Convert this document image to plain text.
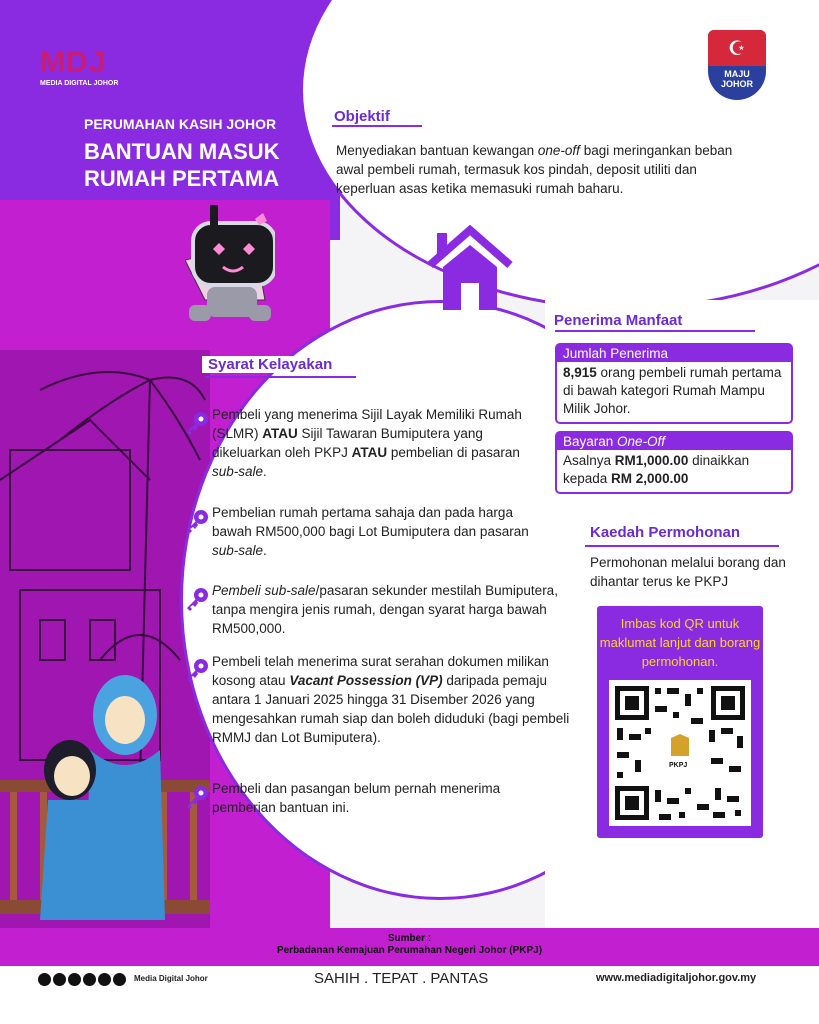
MDJ
MEDIA DIGITAL JOHOR
☪
MAJU JOHOR
PERUMAHAN KASIH JOHOR
BANTUAN MASUK
RUMAH PERTAMA
Objektif
Menyediakan bantuan kewangan one-off bagi meringankan beban awal pembeli rumah, termasuk kos pindah, deposit utiliti dan keperluan asas ketika memasuki rumah baharu.
Penerima Manfaat
Jumlah Penerima
8,915 orang pembeli rumah pertama di bawah kategori Rumah Mampu Milik Johor.
Bayaran One-Off
Asalnya RM1,000.00 dinaikkan kepada RM 2,000.00
Kaedah Permohonan
Permohonan melalui borang dan dihantar terus ke PKPJ
Imbas kod QR untuk maklumat lanjut dan borang permohonan.
PKPJ
Syarat Kelayakan
Pembeli yang menerima Sijil Layak Memiliki Rumah (SLMR) ATAU Sijil Tawaran Bumiputera yang dikeluarkan oleh PKPJ ATAU pembelian di pasaran sub-sale.
Pembelian rumah pertama sahaja dan pada harga bawah RM500,000 bagi Lot Bumiputera dan pasaran sub-sale.
Pembeli sub-sale/pasaran sekunder mestilah Bumiputera, tanpa mengira jenis rumah, dengan syarat harga bawah RM500,000.
Pembeli telah menerima surat serahan dokumen milikan kosong atau Vacant Possession (VP) daripada pemaju antara 1 Januari 2025 hingga 31 Disember 2026 yang mengesahkan rumah siap dan boleh diduduki (bagi pembeli RMMJ dan Lot Bumiputera).
Pembeli dan pasangan belum pernah menerima pemberian bantuan ini.
Sumber :
Perbadanan Kemajuan Perumahan Negeri Johor (PKPJ)
Media Digital Johor	SAHIH . TEPAT . PANTAS	www.mediadigitaljohor.gov.my
